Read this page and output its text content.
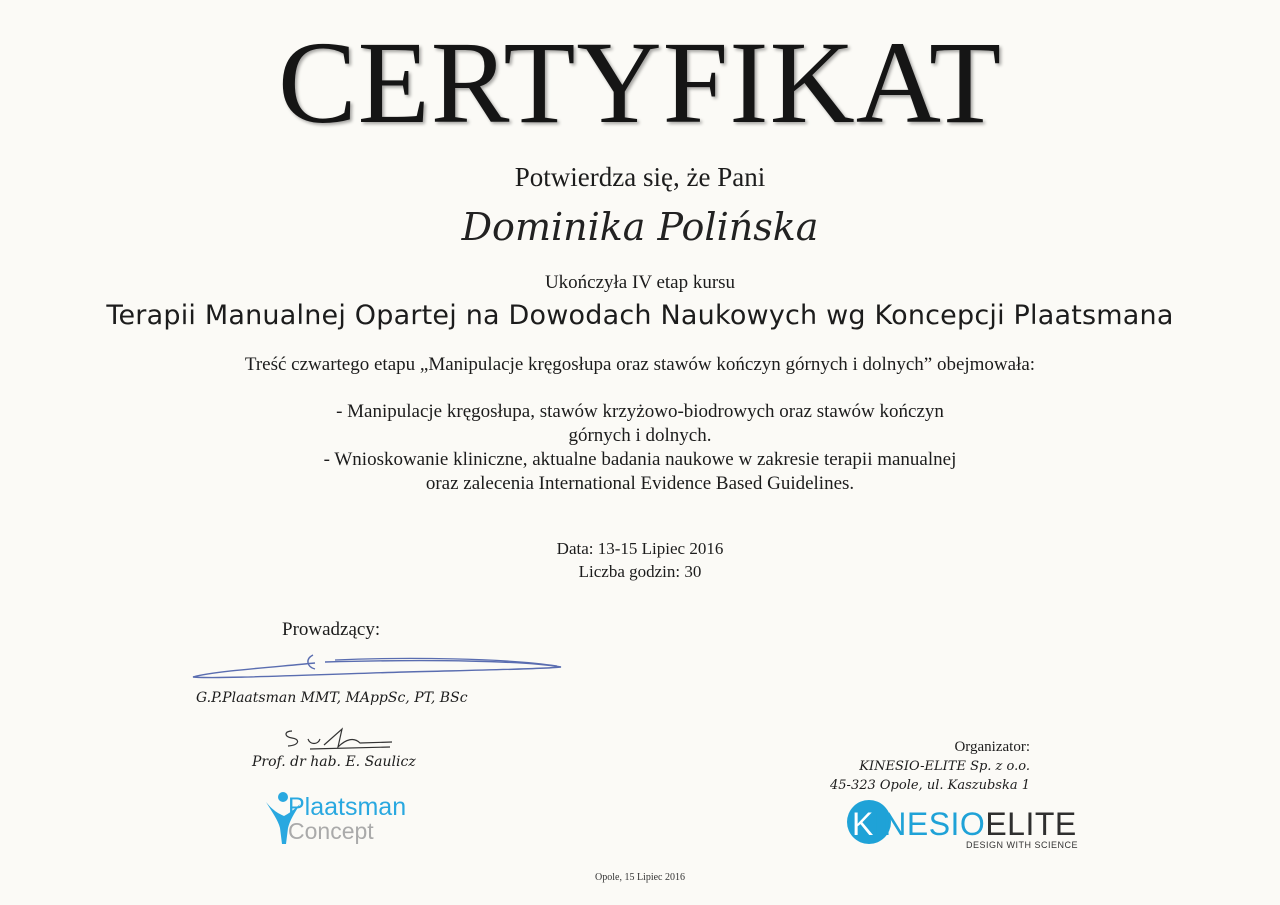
CERTYFIKAT
Potwierdza się, że Pani
Dominika Polińska
Ukończyła IV etap kursu
Terapii Manualnej Opartej na Dowodach Naukowych wg Koncepcji Plaatsmana
Treść czwartego etapu „Manipulacje kręgosłupa oraz stawów kończyn górnych i dolnych” obejmowała:
- Manipulacje kręgosłupa, stawów krzyżowo-biodrowych oraz stawów kończyn
górnych i dolnych.
- Wnioskowanie kliniczne, aktualne badania naukowe w zakresie terapii manualnej
oraz zalecenia International Evidence Based Guidelines.
Data: 13-15 Lipiec 2016
Liczba godzin: 30
Prowadzący:
G.P.Plaatsman MMT, MAppSc, PT, BSc
Prof. dr hab. E. Saulicz
Organizator:
KINESIO-ELITE Sp. z o.o.
45-323 Opole, ul. Kaszubska 1
Plaatsman
Concept	KINESIOELITE
DESIGN WITH SCIENCE
Opole, 15 Lipiec 2016
